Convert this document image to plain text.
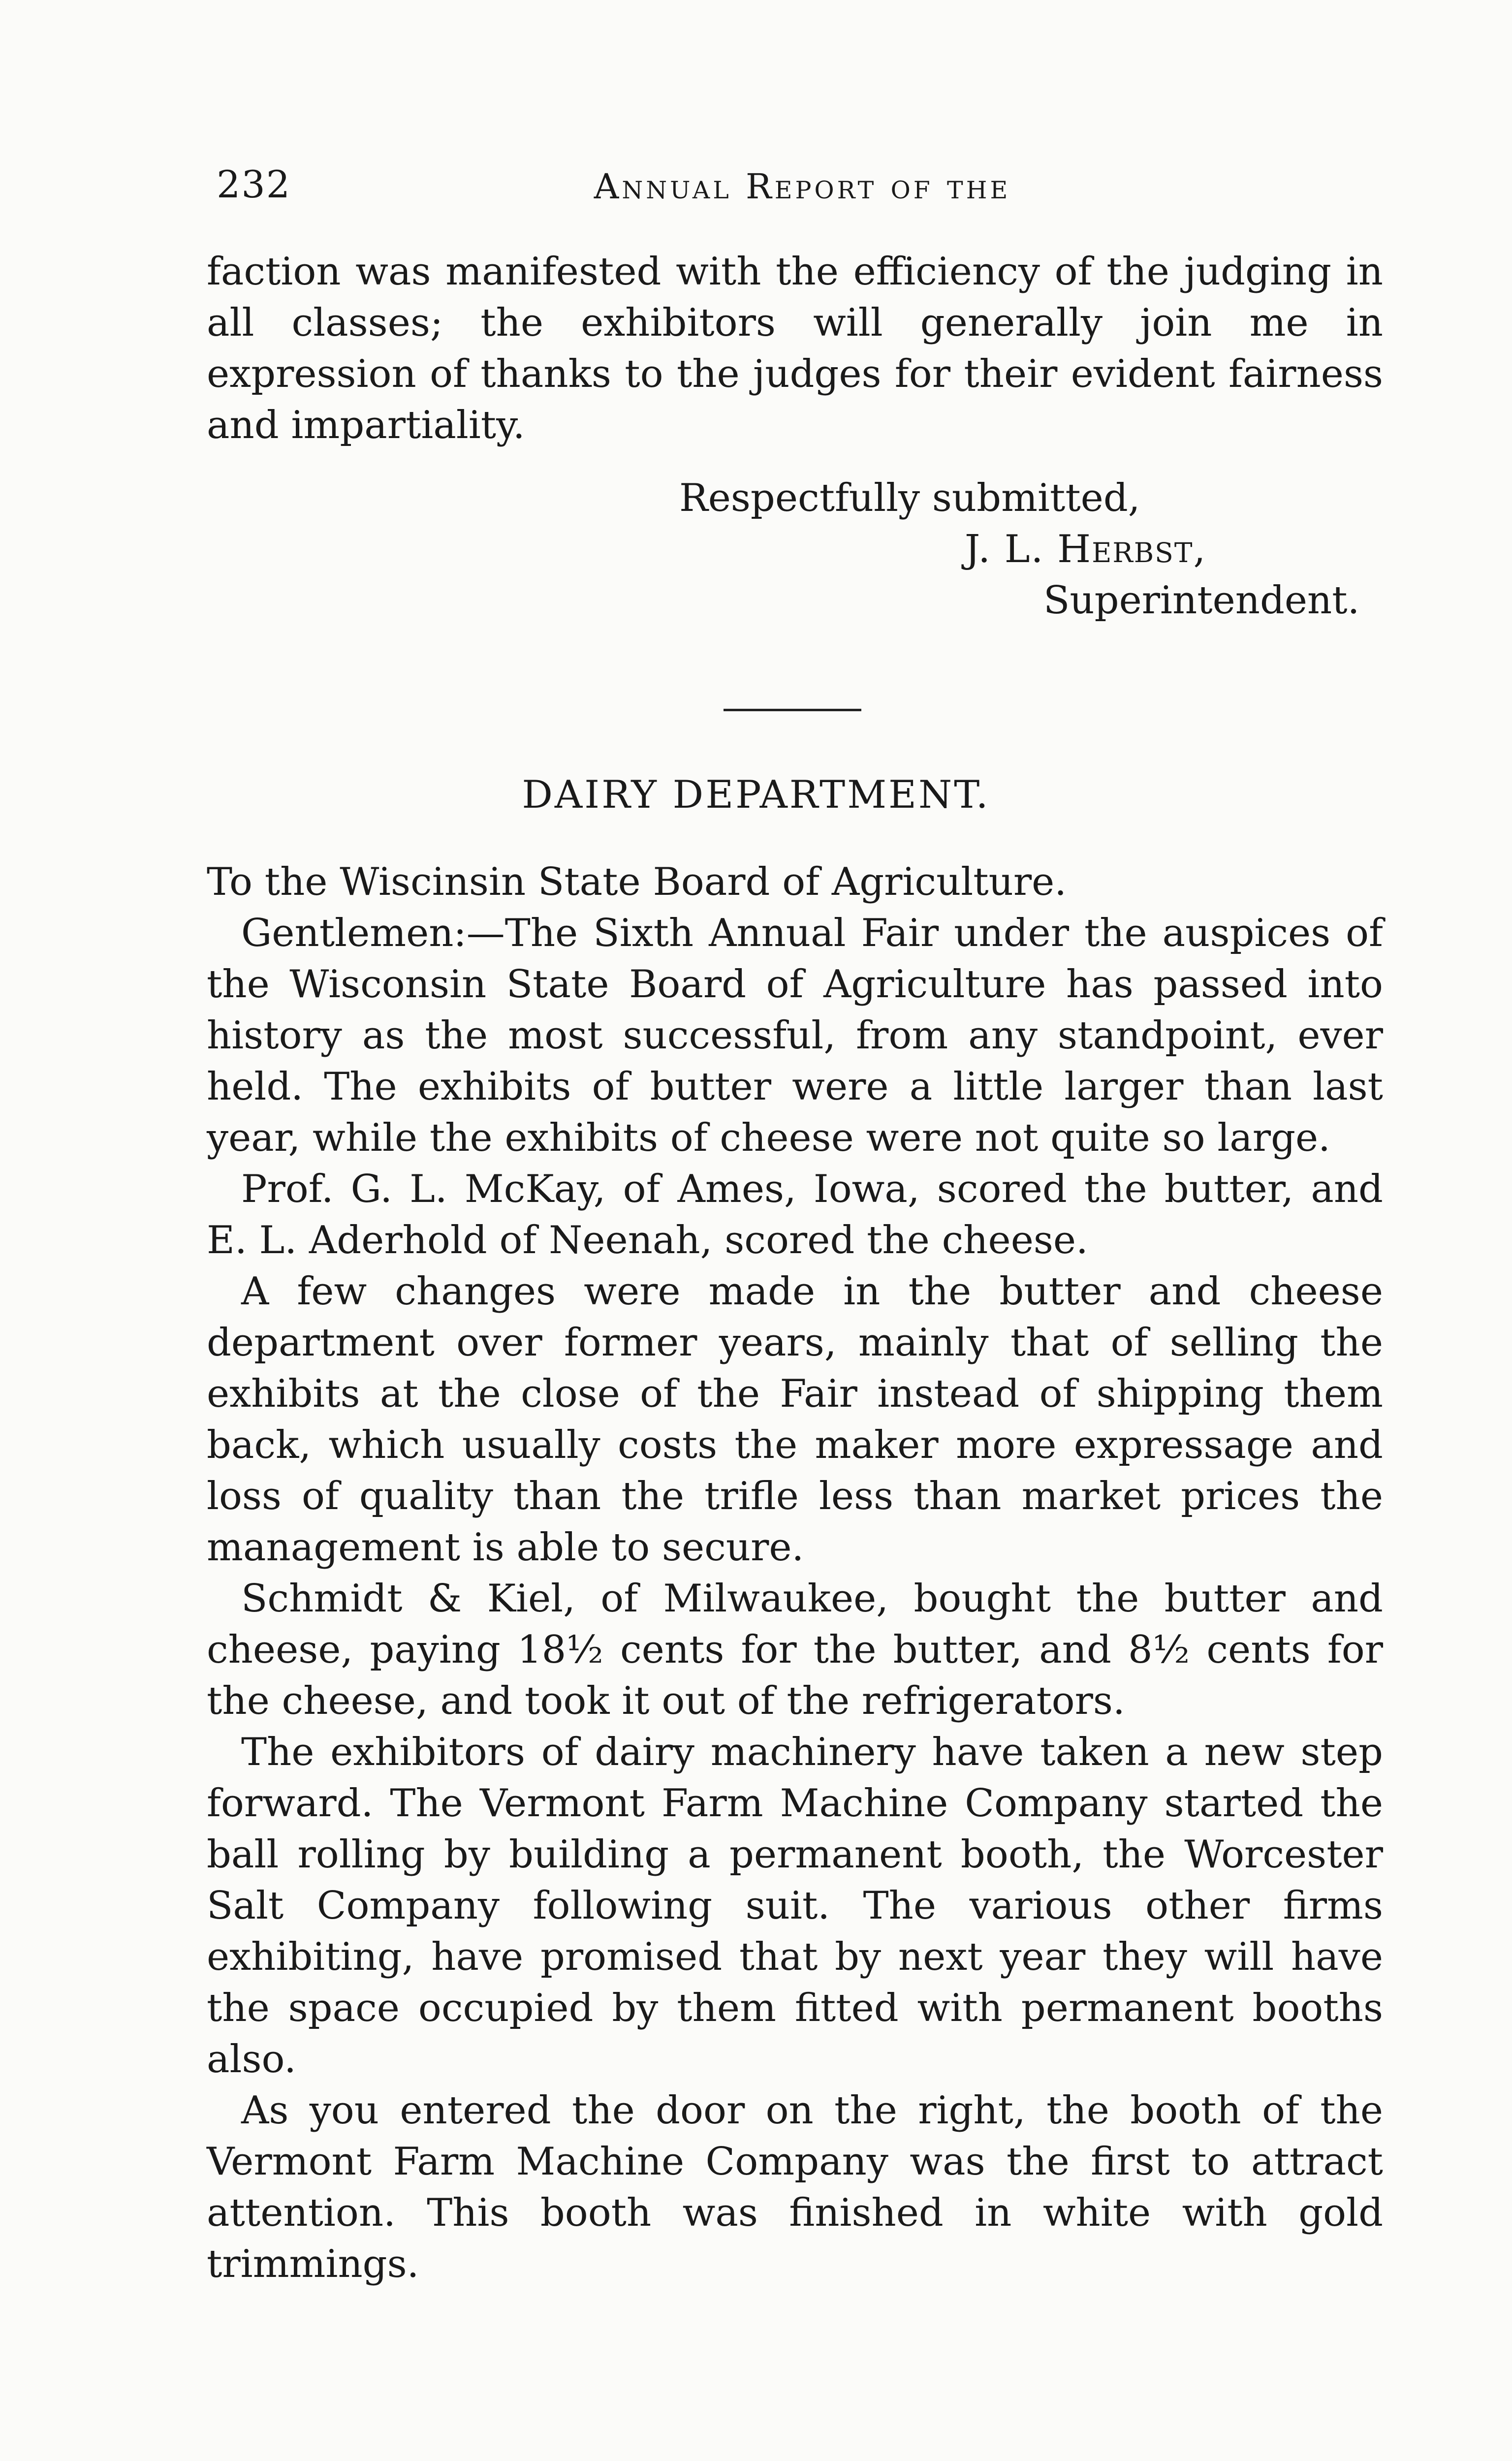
232	Annual Report of the

faction was manifested with the efficiency of the judging in all classes; the exhibitors will generally join me in expression of thanks to the judges for their evident fairness and impartiality.

Respectfully submitted,
J. L. Herbst,
Superintendent.
DAIRY DEPARTMENT.

To the Wiscinsin State Board of Agriculture.

Gentlemen:—The Sixth Annual Fair under the auspices of the Wisconsin State Board of Agriculture has passed into history as the most successful, from any standpoint, ever held. The exhibits of butter were a little larger than last year, while the exhibits of cheese were not quite so large.

Prof. G. L. McKay, of Ames, Iowa, scored the butter, and E. L. Aderhold of Neenah, scored the cheese.

A few changes were made in the butter and cheese department over former years, mainly that of selling the exhibits at the close of the Fair instead of shipping them back, which usually costs the maker more expressage and loss of quality than the trifle less than market prices the management is able to secure.

Schmidt & Kiel, of Milwaukee, bought the butter and cheese, paying 18½ cents for the butter, and 8½ cents for the cheese, and took it out of the refrigerators.

The exhibitors of dairy machinery have taken a new step forward. The Vermont Farm Machine Company started the ball rolling by building a permanent booth, the Worcester Salt Company following suit. The various other firms exhibiting, have promised that by next year they will have the space occupied by them fitted with permanent booths also.

As you entered the door on the right, the booth of the Vermont Farm Machine Company was the first to attract attention. This booth was finished in white with gold trimmings.
